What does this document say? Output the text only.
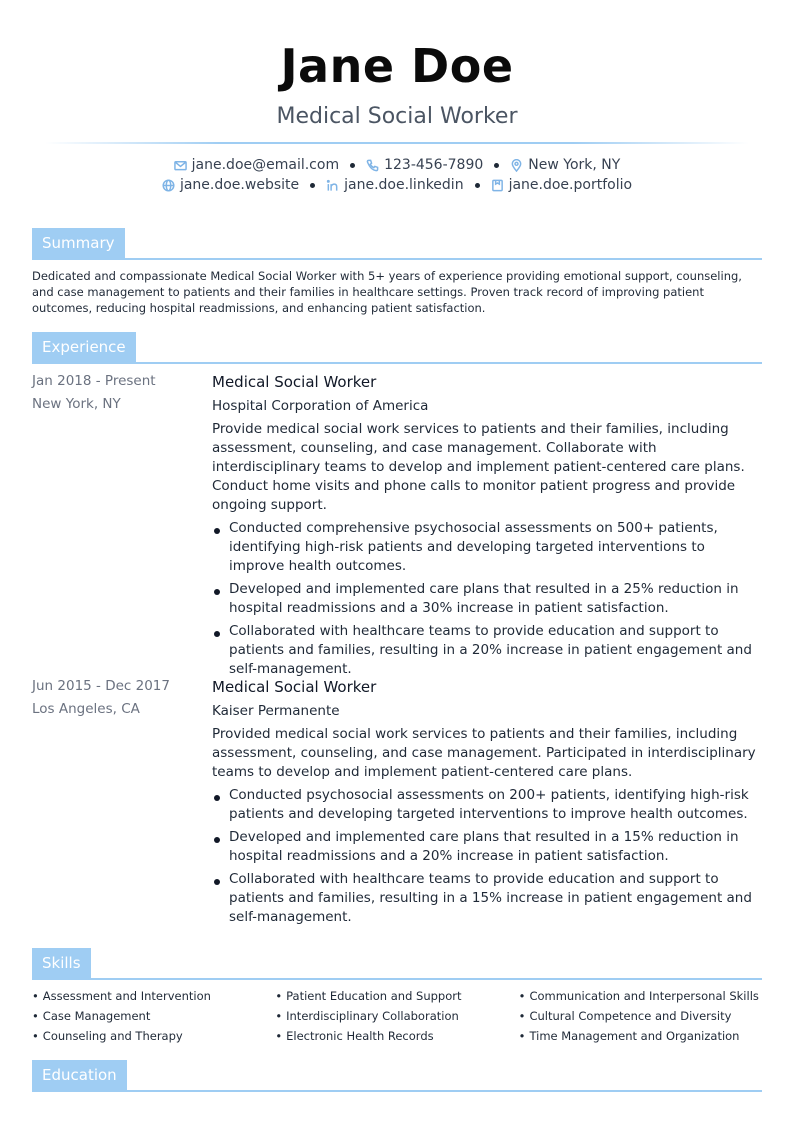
Jane Doe
Medical Social Worker
jane.doe@email.com	123-456-7890	New York, NY
jane.doe.website	jane.doe.linkedin	jane.doe.portfolio
Summary
Dedicated and compassionate Medical Social Worker with 5+ years of experience providing emotional support, counseling, and case management to patients and their families in healthcare settings. Proven track record of improving patient outcomes, reducing hospital readmissions, and enhancing patient satisfaction.
Experience
Jan 2018 - Present
New York, NY
Medical Social Worker
Hospital Corporation of America
Provide medical social work services to patients and their families, including assessment, counseling, and case management. Collaborate with interdisciplinary teams to develop and implement patient-centered care plans. Conduct home visits and phone calls to monitor patient progress and provide ongoing support.
Conducted comprehensive psychosocial assessments on 500+ patients, identifying high-risk patients and developing targeted interventions to improve health outcomes.
Developed and implemented care plans that resulted in a 25% reduction in hospital readmissions and a 30% increase in patient satisfaction.
Collaborated with healthcare teams to provide education and support to patients and families, resulting in a 20% increase in patient engagement and self-management.
Jun 2015 - Dec 2017
Los Angeles, CA
Medical Social Worker
Kaiser Permanente
Provided medical social work services to patients and their families, including assessment, counseling, and case management. Participated in interdisciplinary teams to develop and implement patient-centered care plans.
Conducted psychosocial assessments on 200+ patients, identifying high-risk patients and developing targeted interventions to improve health outcomes.
Developed and implemented care plans that resulted in a 15% reduction in hospital readmissions and a 20% increase in patient satisfaction.
Collaborated with healthcare teams to provide education and support to patients and families, resulting in a 15% increase in patient engagement and self-management.
Skills
• Assessment and Intervention
• Case Management
• Counseling and Therapy
• Patient Education and Support
• Interdisciplinary Collaboration
• Electronic Health Records
• Communication and Interpersonal Skills
• Cultural Competence and Diversity
• Time Management and Organization
Education
